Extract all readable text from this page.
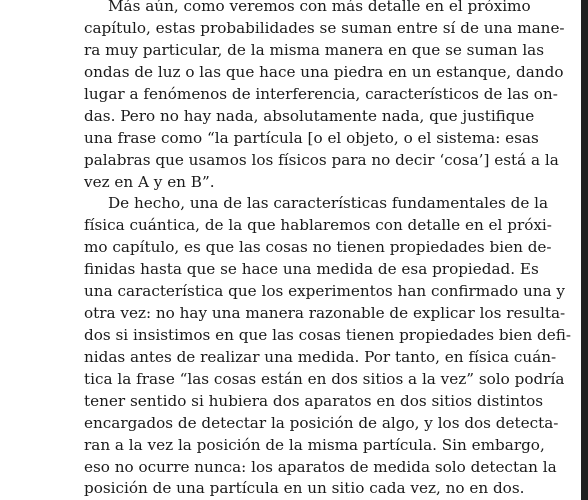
Más aún, como veremos con más detalle en el próximo
capítulo, estas probabilidades se suman entre sí de una mane-
ra muy particular, de la misma manera en que se suman las
ondas de luz o las que hace una piedra en un estanque, dando
lugar a fenómenos de interferencia, característicos de las on-
das. Pero no hay nada, absolutamente nada, que justifique
una frase como “la partícula [o el objeto, o el sistema: esas
palabras que usamos los físicos para no decir ‘cosa’] está a la
vez en A y en B”.
De hecho, una de las características fundamentales de la
física cuántica, de la que hablaremos con detalle en el próxi-
mo capítulo, es que las cosas no tienen propiedades bien de-
finidas hasta que se hace una medida de esa propiedad. Es
una característica que los experimentos han confirmado una y
otra vez: no hay una manera razonable de explicar los resulta-
dos si insistimos en que las cosas tienen propiedades bien defi-
nidas antes de realizar una medida. Por tanto, en física cuán-
tica la frase “las cosas están en dos sitios a la vez” solo podría
tener sentido si hubiera dos aparatos en dos sitios distintos
encargados de detectar la posición de algo, y los dos detecta-
ran a la vez la posición de la misma partícula. Sin embargo,
eso no ocurre nunca: los aparatos de medida solo detectan la
posición de una partícula en un sitio cada vez, no en dos.
